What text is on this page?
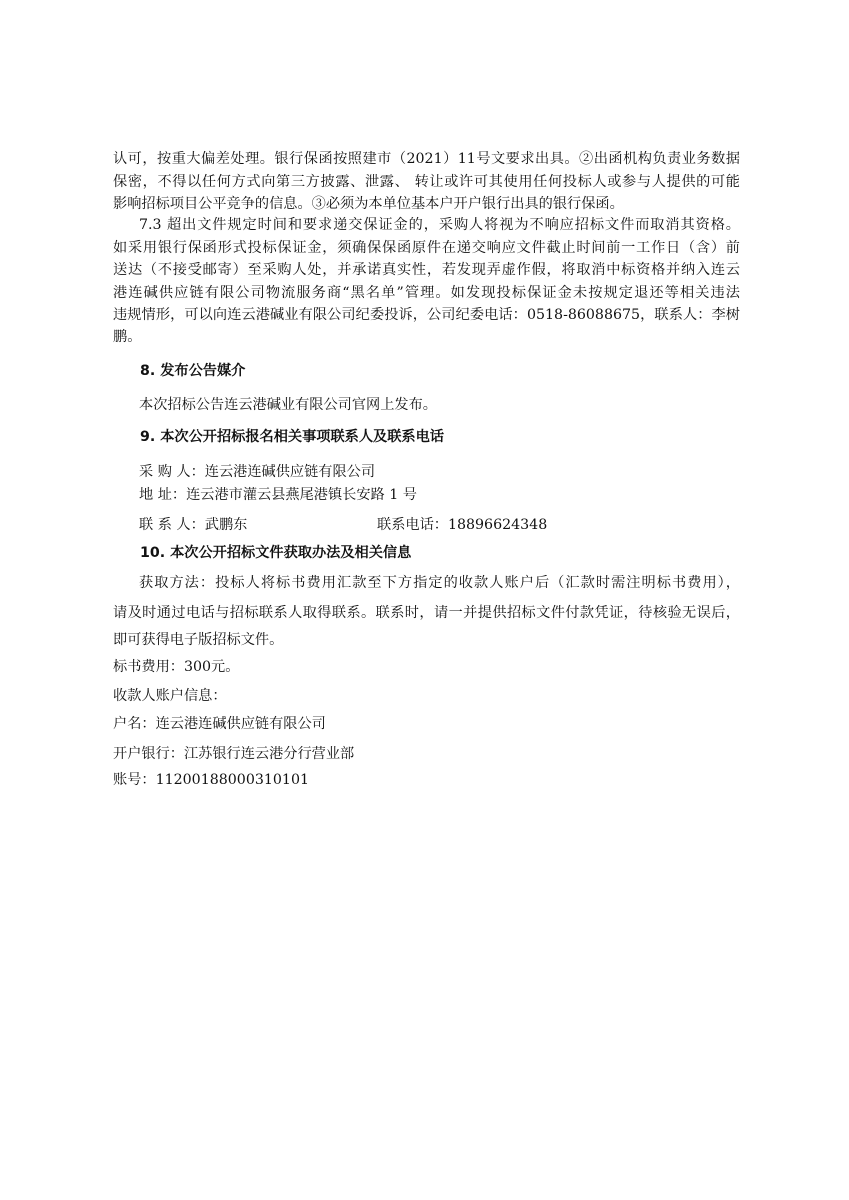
认可，按重大偏差处理。银行保函按照建市（2021）11号文要求出具。②出函机构负责业务数据
保密，不得以任何方式向第三方披露、泄露、 转让或许可其使用任何投标人或参与人提供的可能
影响招标项目公平竞争的信息。③必须为本单位基本户开户银行出具的银行保函。
7.3 超出文件规定时间和要求递交保证金的，采购人将视为不响应招标文件而取消其资格。
如采用银行保函形式投标保证金，须确保保函原件在递交响应文件截止时间前一工作日（含）前
送达（不接受邮寄）至采购人处，并承诺真实性，若发现弄虚作假，将取消中标资格并纳入连云
港连碱供应链有限公司物流服务商“黑名单”管理。如发现投标保证金未按规定退还等相关违法
违规情形，可以向连云港碱业有限公司纪委投诉，公司纪委电话：0518-86088675，联系人：李树
鹏。
8. 发布公告媒介
本次招标公告连云港碱业有限公司官网上发布。
9. 本次公开招标报名相关事项联系人及联系电话
采 购 人：连云港连碱供应链有限公司
地 址：连云港市灌云县燕尾港镇长安路 1 号
联 系 人：武鹏东	联系电话：18896624348
10. 本次公开招标文件获取办法及相关信息
获取方法：投标人将标书费用汇款至下方指定的收款人账户后（汇款时需注明标书费用），
请及时通过电话与招标联系人取得联系。联系时，请一并提供招标文件付款凭证，待核验无误后，
即可获得电子版招标文件。
标书费用：300元。
收款人账户信息：
户名：连云港连碱供应链有限公司
开户银行：江苏银行连云港分行营业部
账号：11200188000310101
